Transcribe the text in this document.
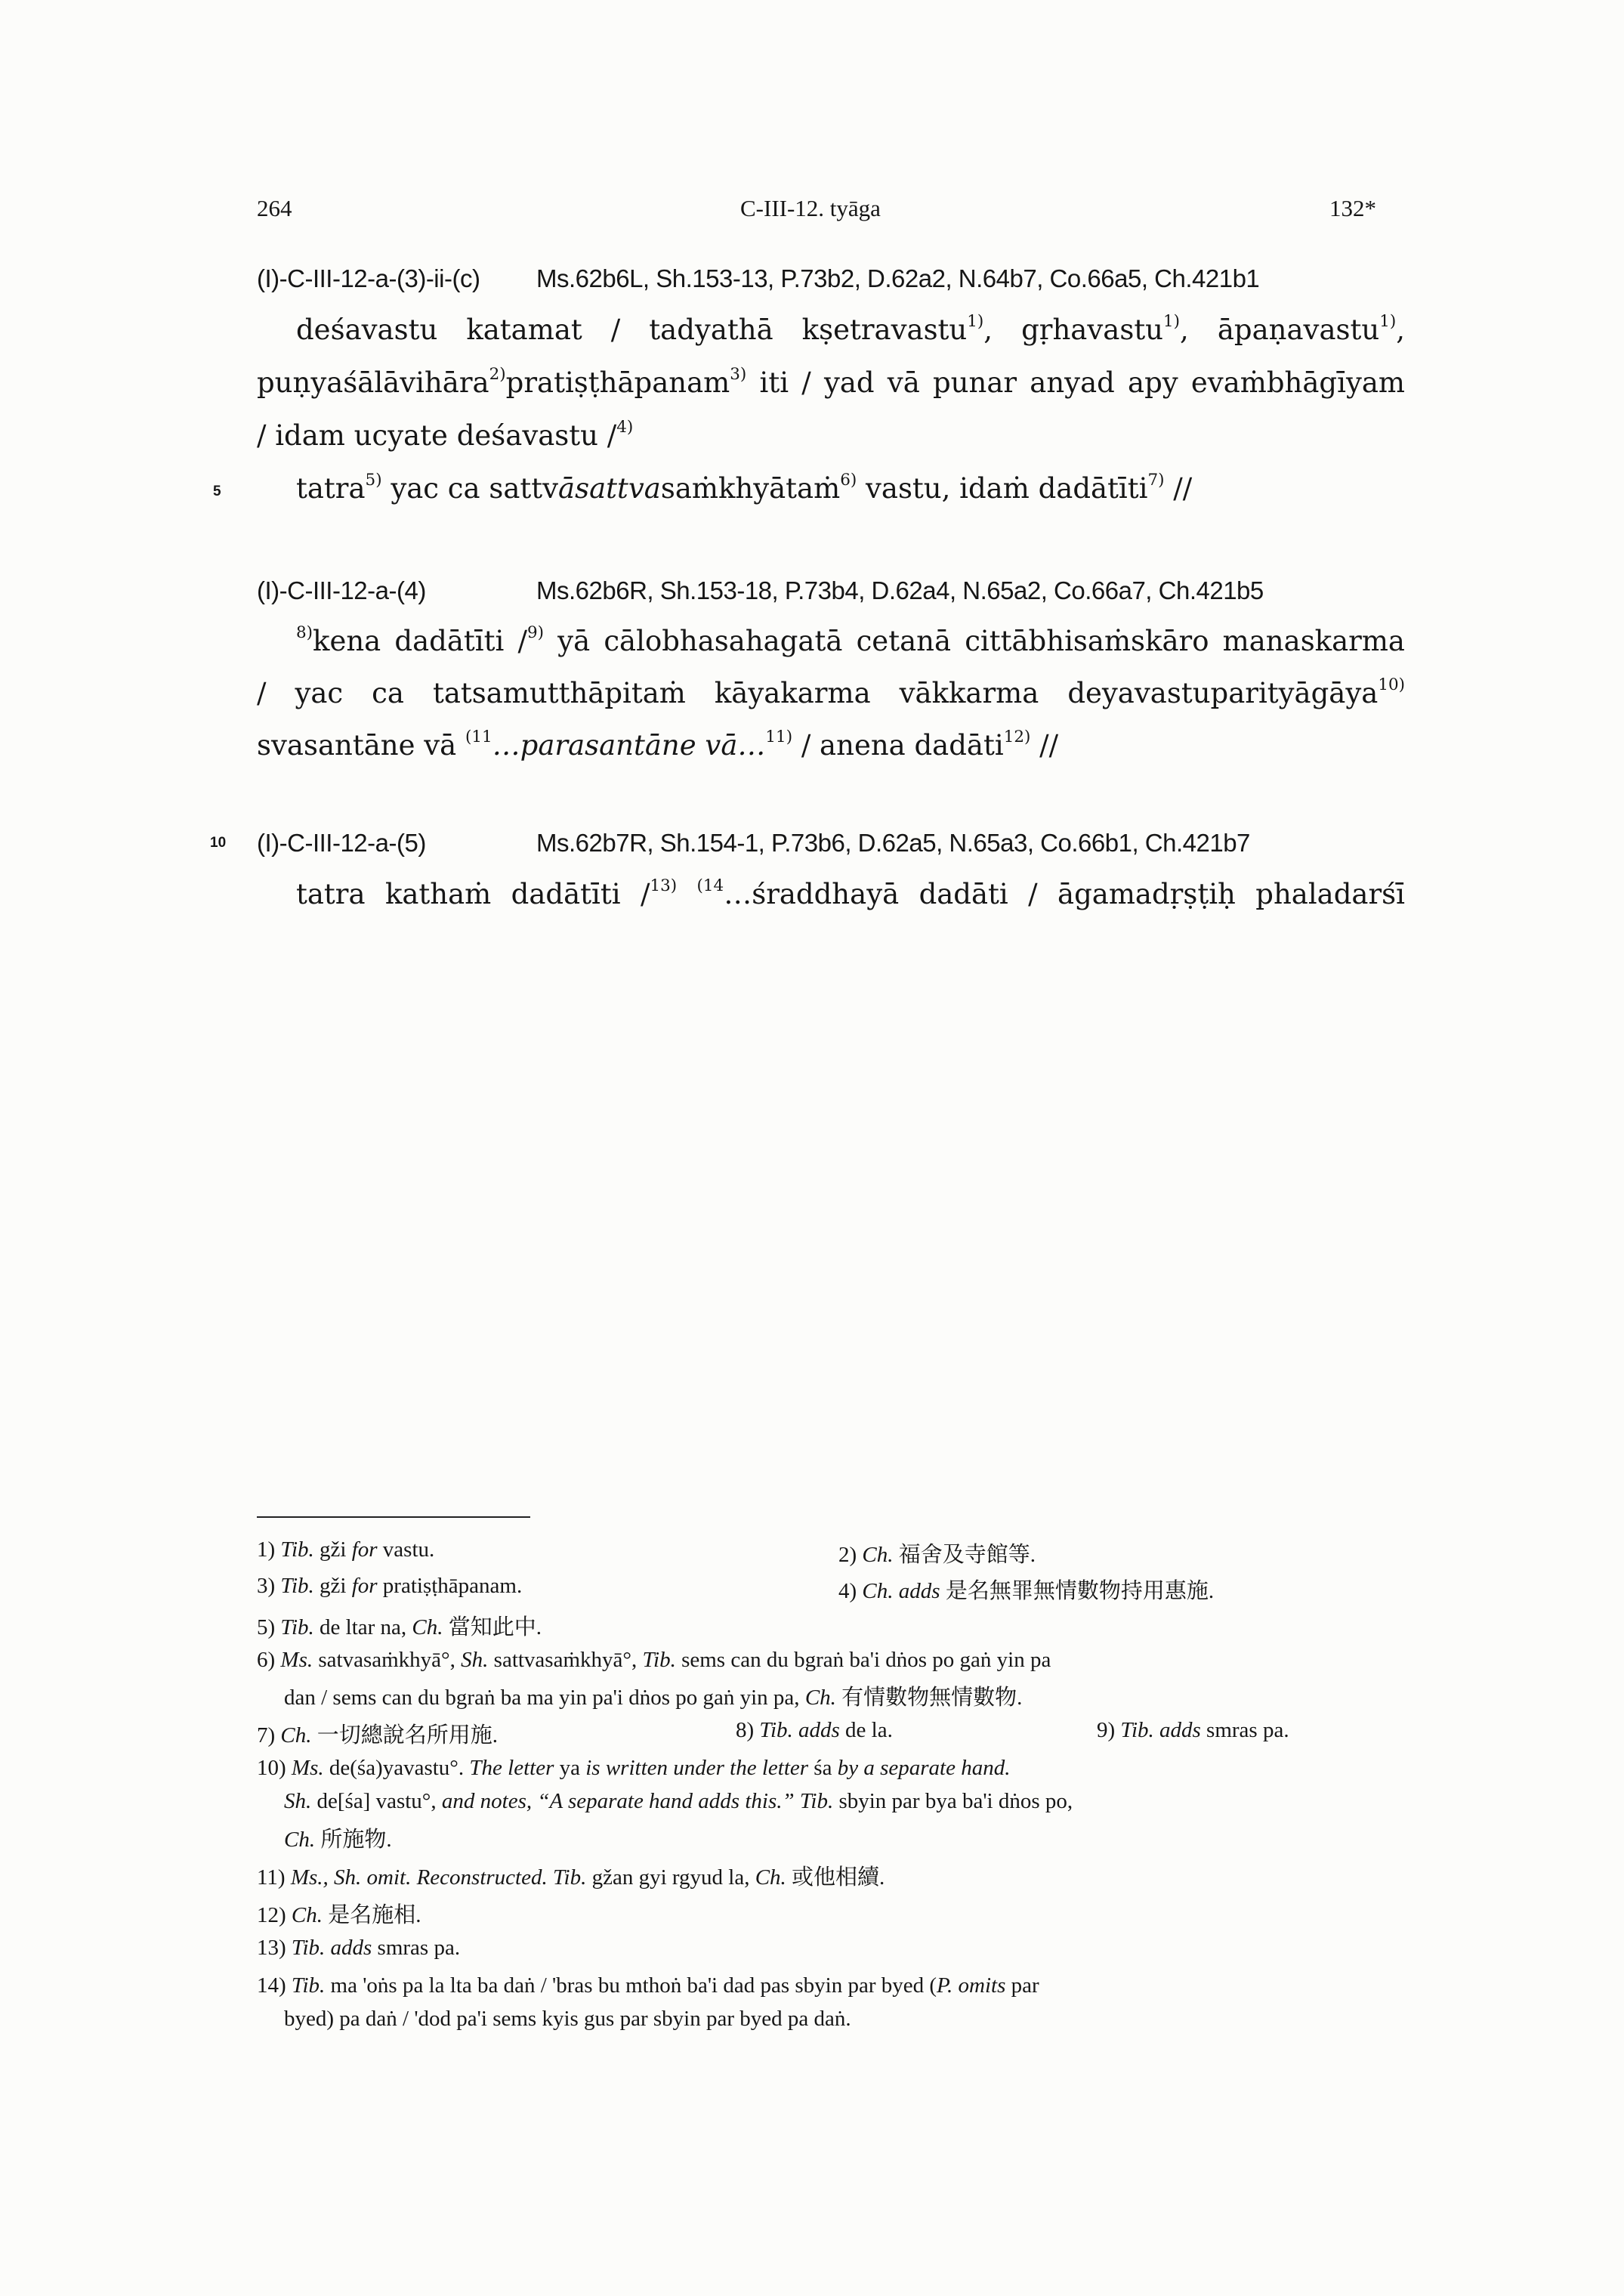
264	C-III-12. tyāga	132*
(I)-C-III-12-a-(3)-ii-(c) Ms.62b6L, Sh.153-13, P.73b2, D.62a2, N.64b7, Co.66a5, Ch.421b1
deśavastu katamat / tadyathā kṣetravastu$^{1)}$, gṛhavastu$^{1)}$, āpaṇavastu$^{1)}$,
puṇyaśālāvihāra$^{2)}$pratiṣṭhāpanam$^{3)}$ iti / yad vā punar anyad apy evaṁbhāgīyam
/ idam ucyate deśavastu /$^{4)}$
5	tatra$^{5)}$ yac ca sattvāsattvasaṁkhyātaṁ$^{6)}$ vastu, idaṁ dadātīti$^{7)}$ //
(I)-C-III-12-a-(4)	Ms.62b6R, Sh.153-18, P.73b4, D.62a4, N.65a2, Co.66a7, Ch.421b5
$^{8)}$kena dadātīti /$^{9)}$ yā cālobhasahagatā cetanā cittābhisaṁskāro manaskarma
/ yac ca tatsamutthāpitaṁ kāyakarma vākkarma deyavastuparityāgāya$^{10)}$
svasantāne vā $^{(11}$…parasantāne vā…$^{11)}$ / anena dadāti$^{12)}$ //
10 (I)-C-III-12-a-(5)	Ms.62b7R, Sh.154-1, P.73b6, D.62a5, N.65a3, Co.66b1, Ch.421b7
tatra kathaṁ dadātīti /$^{13)}$ $^{(14}$…śraddhayā dadāti / āgamadṛṣṭiḥ phaladarśī
1) Tib. gži for vastu.	2) Ch. 福舍及寺館等.
3) Tib. gži for pratiṣṭhāpanam.	4) Ch. adds 是名無罪無情數物持用惠施.
5) Tib. de ltar na, Ch. 當知此中.
6) Ms. satvasaṁkhyā°, Sh. sattvasaṁkhyā°, Tib. sems can du bgraṅ ba'i dṅos po gaṅ yin pa
dan / sems can du bgraṅ ba ma yin pa'i dṅos po gaṅ yin pa, Ch. 有情數物無情數物.
7) Ch. 一切總說名所用施.	8) Tib. adds de la.	9) Tib. adds smras pa.
10) Ms. de(śa)yavastu°. The letter ya is written under the letter śa by a separate hand.
Sh. de[śa] vastu°, and notes, “A separate hand adds this.” Tib. sbyin par bya ba'i dṅos po,
Ch. 所施物.
11) Ms., Sh. omit. Reconstructed. Tib. gžan gyi rgyud la, Ch. 或他相續.
12) Ch. 是名施相.
13) Tib. adds smras pa.
14) Tib. ma 'oṅs pa la lta ba daṅ / 'bras bu mthoṅ ba'i dad pas sbyin par byed (P. omits par
byed) pa daṅ / 'dod pa'i sems kyis gus par sbyin par byed pa daṅ.
